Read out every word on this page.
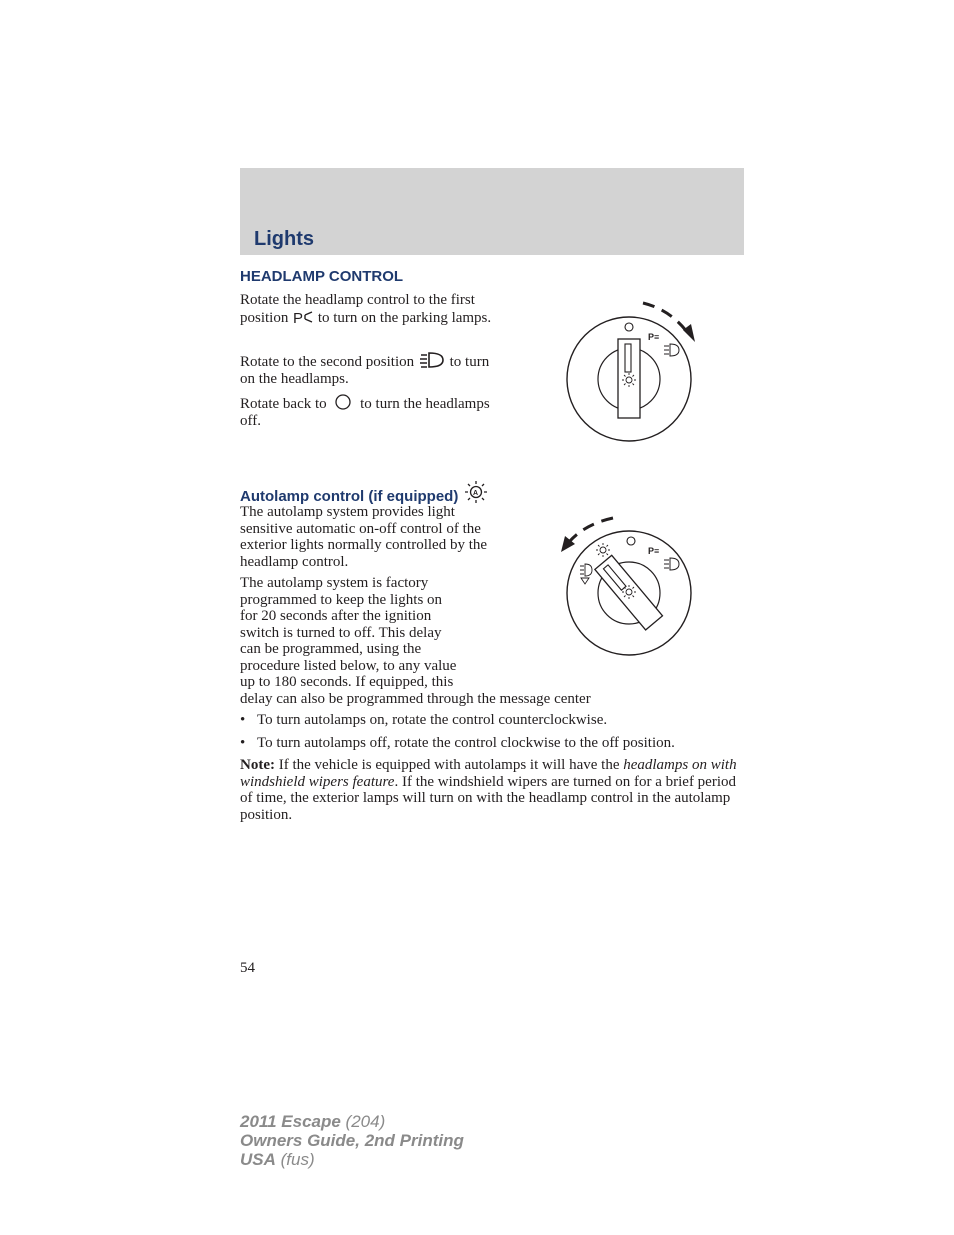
Lights
HEADLAMP CONTROL

Rotate the headlamp control to the first position P to turn on the parking lamps.

Rotate to the second position to turn on the headlamps.

Rotate back to to turn the headlamps off.

P≡
Autolamp control (if equipped) A

The autolamp system provides light sensitive automatic on-off control of the exterior lights normally controlled by the headlamp control.

The autolamp system is factory
programmed to keep the lights on
for 20 seconds after the ignition
switch is turned to off. This delay
can be programmed, using the
procedure listed below, to any value
up to 180 seconds. If equipped, this
delay can also be programmed through the message center
P≡

• To turn autolamps on, rotate the control counterclockwise.

• To turn autolamps off, rotate the control clockwise to the off position.

Note: If the vehicle is equipped with autolamps it will have the headlamps on with windshield wipers feature. If the windshield wipers are turned on for a brief period of time, the exterior lamps will turn on with the headlamp control in the autolamp position.

54
2011 Escape (204)
Owners Guide, 2nd Printing
USA (fus)
